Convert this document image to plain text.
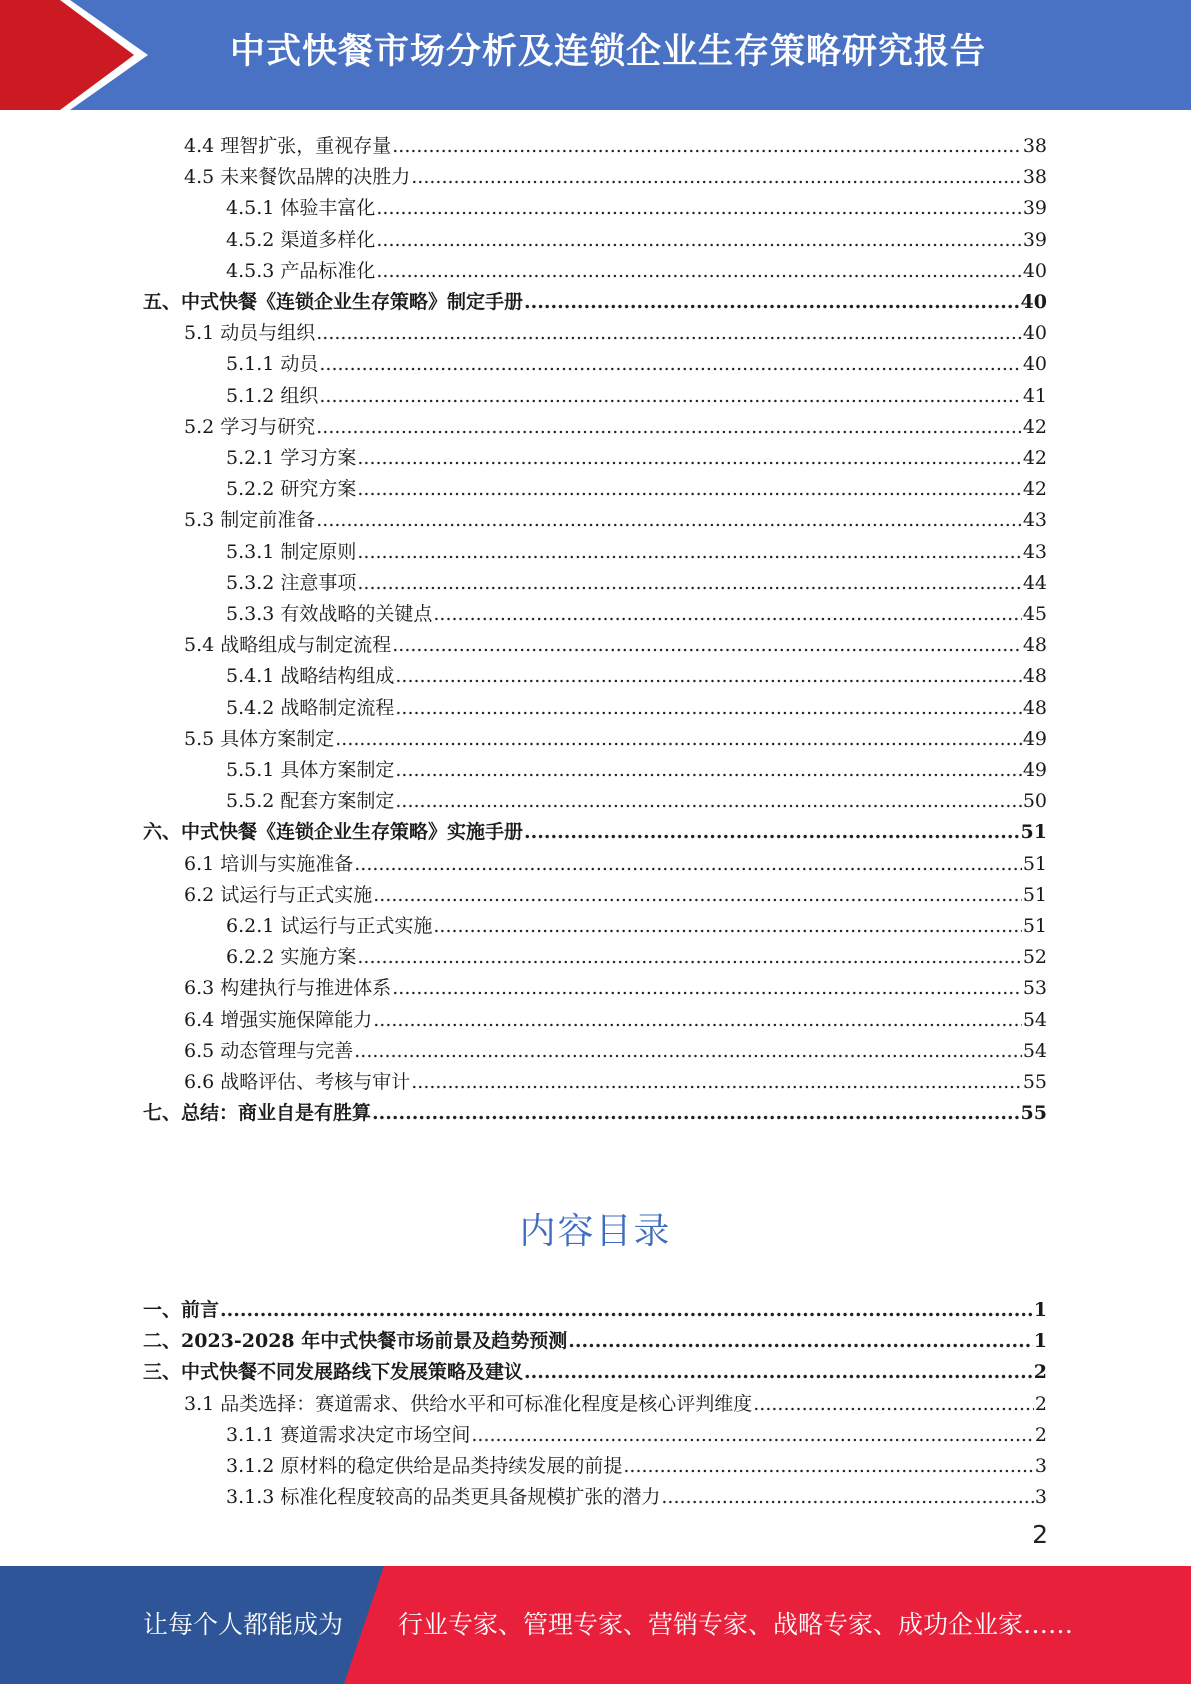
中式快餐市场分析及连锁企业生存策略研究报告
4.4 理智扩张，重视存量 .....	38
4.5 未来餐饮品牌的决胜力 .....	38
4.5.1 体验丰富化 .....	39
4.5.2 渠道多样化 .....	39
4.5.3 产品标准化 .....	40
五、中式快餐《连锁企业生存策略》制定手册 .....	40
5.1 动员与组织 .....	40
5.1.1 动员 .....	40
5.1.2 组织 .....	41
5.2 学习与研究 .....	42
5.2.1 学习方案 .....	42
5.2.2 研究方案 .....	42
5.3 制定前准备 .....	43
5.3.1 制定原则 .....	43
5.3.2 注意事项 .....	44
5.3.3 有效战略的关键点 .....	45
5.4 战略组成与制定流程 .....	48
5.4.1 战略结构组成 .....	48
5.4.2 战略制定流程 .....	48
5.5 具体方案制定 .....	49
5.5.1 具体方案制定 .....	49
5.5.2 配套方案制定 .....	50
六、中式快餐《连锁企业生存策略》实施手册 .....	51
6.1 培训与实施准备 .....	51
6.2 试运行与正式实施 .....	51
6.2.1 试运行与正式实施 .....	51
6.2.2 实施方案 .....	52
6.3 构建执行与推进体系 .....	53
6.4 增强实施保障能力 .....	54
6.5 动态管理与完善 .....	54
6.6 战略评估、考核与审计 .....	55
七、总结：商业自是有胜算 .....	55
内容目录
一、前言 .....	1
二、2023-2028 年中式快餐市场前景及趋势预测 .....	1
三、中式快餐不同发展路线下发展策略及建议 .....	2
3.1 品类选择：赛道需求、供给水平和可标准化程度是核心评判维度 .....	2
3.1.1 赛道需求决定市场空间 .....	2
3.1.2 原材料的稳定供给是品类持续发展的前提 .....	3
3.1.3 标准化程度较高的品类更具备规模扩张的潜力 .....	3
2
让每个人都能成为 行业专家、管理专家、营销专家、战略专家、成功企业家……
